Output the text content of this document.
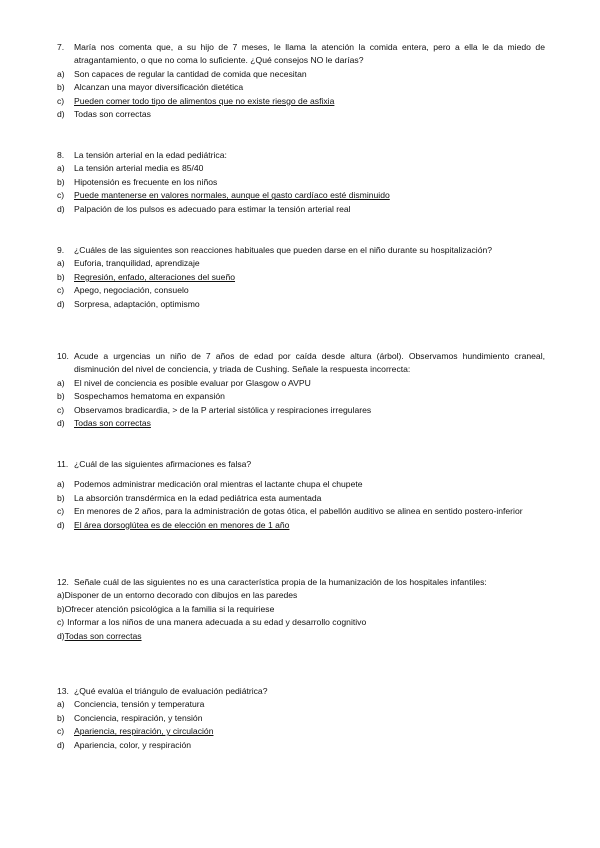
7.	María nos comenta que, a su hijo de 7 meses, le llama la atención la comida entera, pero a ella le da miedo de atragantamiento, o que no coma lo suficiente. ¿Qué consejos NO le darías?
a)	Son capaces de regular la cantidad de comida que necesitan
b)	Alcanzan una mayor diversificación dietética
c)	Pueden comer todo tipo de alimentos que no existe riesgo de asfixia
d)	Todas son correctas
8.	La tensión arterial en la edad pediátrica:
a)	La tensión arterial media es 85/40
b)	Hipotensión es frecuente en los niños
c)	Puede mantenerse en valores normales, aunque el gasto cardíaco esté disminuido
d)	Palpación de los pulsos es adecuado para estimar la tensión arterial real
9.	¿Cuáles de las siguientes son reacciones habituales que pueden darse en el niño durante su hospitalización?
a)	Euforia, tranquilidad, aprendizaje
b)	Regresión, enfado, alteraciones del sueño
c)	Apego, negociación, consuelo
d)	Sorpresa, adaptación, optimismo
10. Acude a urgencias un niño de 7 años de edad por caída desde altura (árbol). Observamos hundimiento craneal, disminución del nivel de conciencia, y triada de Cushing. Señale la respuesta incorrecta:
a)	El nivel de conciencia es posible evaluar por Glasgow o AVPU
b)	Sospechamos hematoma en expansión
c)	Observamos bradicardia, > de la P arterial sistólica y respiraciones irregulares
d)	Todas son correctas
11. ¿Cuál de las siguientes afirmaciones es falsa?
a)	Podemos administrar medicación oral mientras el lactante chupa el chupete
b)	La absorción transdérmica en la edad pediátrica esta aumentada
c)	En menores de 2 años, para la administración de gotas ótica, el pabellón auditivo se alinea en sentido postero-inferior
d)	El área dorsoglútea es de elección en menores de 1 año
12. Señale cuál de las siguientes no es una característica propia de la humanización de los hospitales infantiles:
a) Disponer de un entorno decorado con dibujos en las paredes
b) Ofrecer atención psicológica a la familia si la requiriese
c) Informar a los niños de una manera adecuada a su edad y desarrollo cognitivo
d) Todas son correctas
13. ¿Qué evalúa el triángulo de evaluación pediátrica?
a)	Conciencia, tensión y temperatura
b)	Conciencia, respiración, y tensión
c)	Apariencia, respiración, y circulación
d)	Apariencia, color, y respiración
